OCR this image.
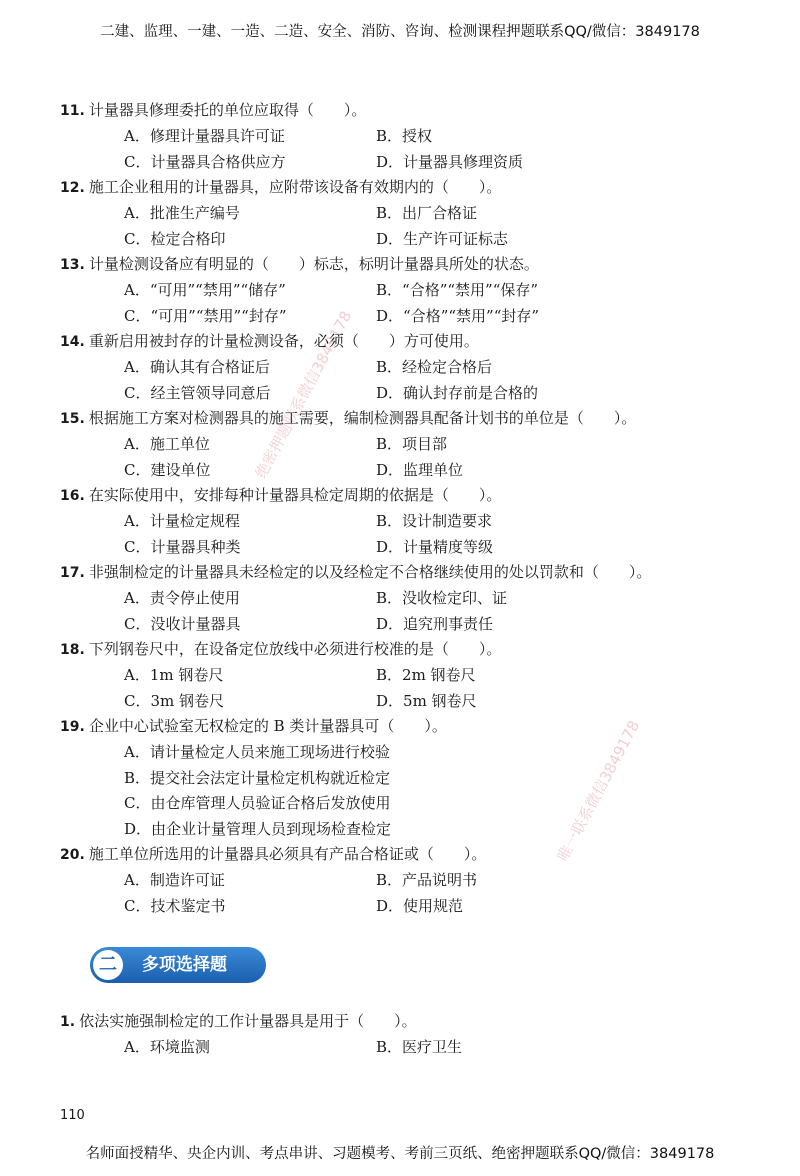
二建、监理、一建、一造、二造、安全、消防、咨询、检测课程押题联系QQ/微信：3849178
绝密押题联系微信3849178
唯一联系微信3849178
11. 计量器具修理委托的单位应取得（　　）。
A．修理计量器具许可证	B．授权
C．计量器具合格供应方	D．计量器具修理资质
12. 施工企业租用的计量器具，应附带该设备有效期内的（　　）。
A．批准生产编号	B．出厂合格证
C．检定合格印	D．生产许可证标志
13. 计量检测设备应有明显的（　　）标志，标明计量器具所处的状态。
A．“可用”“禁用”“储存”	B．“合格”“禁用”“保存”
C．“可用”“禁用”“封存”	D．“合格”“禁用”“封存”
14. 重新启用被封存的计量检测设备，必须（　　）方可使用。
A．确认其有合格证后	B．经检定合格后
C．经主管领导同意后	D．确认封存前是合格的
15. 根据施工方案对检测器具的施工需要，编制检测器具配备计划书的单位是（　　）。
A．施工单位	B．项目部
C．建设单位	D．监理单位
16. 在实际使用中，安排每种计量器具检定周期的依据是（　　）。
A．计量检定规程	B．设计制造要求
C．计量器具种类	D．计量精度等级
17. 非强制检定的计量器具未经检定的以及经检定不合格继续使用的处以罚款和（　　）。
A．责令停止使用	B．没收检定印、证
C．没收计量器具	D．追究刑事责任
18. 下列钢卷尺中，在设备定位放线中必须进行校准的是（　　）。
A．1m 钢卷尺	B．2m 钢卷尺
C．3m 钢卷尺	D．5m 钢卷尺
19. 企业中心试验室无权检定的 B 类计量器具可（　　）。
A．请计量检定人员来施工现场进行校验
B．提交社会法定计量检定机构就近检定
C．由仓库管理人员验证合格后发放使用
D．由企业计量管理人员到现场检查检定
20. 施工单位所选用的计量器具必须具有产品合格证或（　　）。
A．制造许可证	B．产品说明书
C．技术鉴定书	D．使用规范
二	多项选择题
1. 依法实施强制检定的工作计量器具是用于（　　）。
A．环境监测	B．医疗卫生
110
名师面授精华、央企内训、考点串讲、习题模考、考前三页纸、绝密押题联系QQ/微信：3849178
